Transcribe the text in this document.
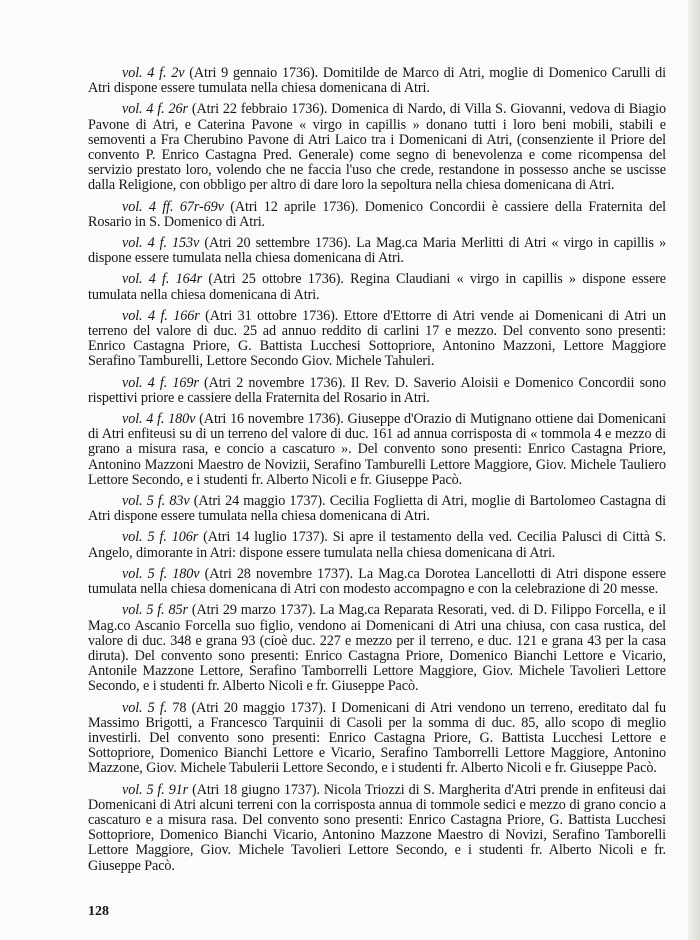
vol. 4 f. 2v (Atri 9 gennaio 1736). Domitilde de Marco di Atri, moglie di Domenico Carulli di Atri dispone essere tumulata nella chiesa domenicana di Atri.

vol. 4 f. 26r (Atri 22 febbraio 1736). Domenica di Nardo, di Villa S. Giovanni, vedova di Biagio Pavone di Atri, e Caterina Pavone « virgo in capillis » donano tutti i loro beni mobili, stabili e semoventi a Fra Cherubino Pavone di Atri Laico tra i Domenicani di Atri, (consenziente il Priore del convento P. Enrico Castagna Pred. Generale) come segno di benevolenza e come ricompensa del servizio prestato loro, volendo che ne faccia l'uso che crede, restandone in possesso anche se uscisse dalla Religione, con obbligo per altro di dare loro la sepoltura nella chiesa domenicana di Atri.

vol. 4 ff. 67r-69v (Atri 12 aprile 1736). Domenico Concordii è cassiere della Fraternita del Rosario in S. Domenico di Atri.

vol. 4 f. 153v (Atri 20 settembre 1736). La Mag.ca Maria Merlitti di Atri « virgo in capillis » dispone essere tumulata nella chiesa domenicana di Atri.

vol. 4 f. 164r (Atri 25 ottobre 1736). Regina Claudiani « virgo in capillis » dispone essere tumulata nella chiesa domenicana di Atri.

vol. 4 f. 166r (Atri 31 ottobre 1736). Ettore d'Ettorre di Atri vende ai Domenicani di Atri un terreno del valore di duc. 25 ad annuo reddito di carlini 17 e mezzo. Del convento sono presenti: Enrico Castagna Priore, G. Battista Lucchesi Sottopriore, Antonino Mazzoni, Lettore Maggiore Serafino Tamburelli, Lettore Secondo Giov. Michele Tahuleri.

vol. 4 f. 169r (Atri 2 novembre 1736). Il Rev. D. Saverio Aloisii e Domenico Concordii sono rispettivi priore e cassiere della Fraternita del Rosario in Atri.

vol. 4 f. 180v (Atri 16 novembre 1736). Giuseppe d'Orazio di Mutignano ottiene dai Domenicani di Atri enfiteusi su di un terreno del valore di duc. 161 ad annua corrisposta di « tommola 4 e mezzo di grano a misura rasa, e concio a cascaturo ». Del convento sono presenti: Enrico Castagna Priore, Antonino Mazzoni Maestro de Novizii, Serafino Tamburelli Lettore Maggiore, Giov. Michele Tauliero Lettore Secondo, e i studenti fr. Alberto Nicoli e fr. Giuseppe Pacò.

vol. 5 f. 83v (Atri 24 maggio 1737). Cecilia Foglietta di Atri, moglie di Bartolomeo Castagna di Atri dispone essere tumulata nella chiesa domenicana di Atri.

vol. 5 f. 106r (Atri 14 luglio 1737). Si apre il testamento della ved. Cecilia Palusci di Città S. Angelo, dimorante in Atri: dispone essere tumulata nella chiesa domenicana di Atri.

vol. 5 f. 180v (Atri 28 novembre 1737). La Mag.ca Dorotea Lancellotti di Atri dispone essere tumulata nella chiesa domenicana di Atri con modesto accompagno e con la celebrazione di 20 messe.

vol. 5 f. 85r (Atri 29 marzo 1737). La Mag.ca Reparata Resorati, ved. di D. Filippo Forcella, e il Mag.co Ascanio Forcella suo figlio, vendono ai Domenicani di Atri una chiusa, con casa rustica, del valore di duc. 348 e grana 93 (cioè duc. 227 e mezzo per il terreno, e duc. 121 e grana 43 per la casa diruta). Del convento sono presenti: Enrico Castagna Priore, Domenico Bianchi Lettore e Vicario, Antonile Mazzone Lettore, Serafino Tamborrelli Lettore Maggiore, Giov. Michele Tavolieri Lettore Secondo, e i studenti fr. Alberto Nicoli e fr. Giuseppe Pacò.

vol. 5 f. 78 (Atri 20 maggio 1737). I Domenicani di Atri vendono un terreno, ereditato dal fu Massimo Brigotti, a Francesco Tarquinii di Casoli per la somma di duc. 85, allo scopo di meglio investirli. Del convento sono presenti: Enrico Castagna Priore, G. Battista Lucchesi Lettore e Sottopriore, Domenico Bianchi Lettore e Vicario, Serafino Tamborrelli Lettore Maggiore, Antonino Mazzone, Giov. Michele Tabulerii Lettore Secondo, e i studenti fr. Alberto Nicoli e fr. Giuseppe Pacò.

vol. 5 f. 91r (Atri 18 giugno 1737). Nicola Triozzi di S. Margherita d'Atri prende in enfiteusi dai Domenicani di Atri alcuni terreni con la corrisposta annua di tommole sedici e mezzo di grano concio a cascaturo e a misura rasa. Del convento sono presenti: Enrico Castagna Priore, G. Battista Lucchesi Sottopriore, Domenico Bianchi Vicario, Antonino Mazzone Maestro di Novizi, Serafino Tamborelli Lettore Maggiore, Giov. Michele Tavolieri Lettore Secondo, e i studenti fr. Alberto Nicoli e fr. Giuseppe Pacò.

128
